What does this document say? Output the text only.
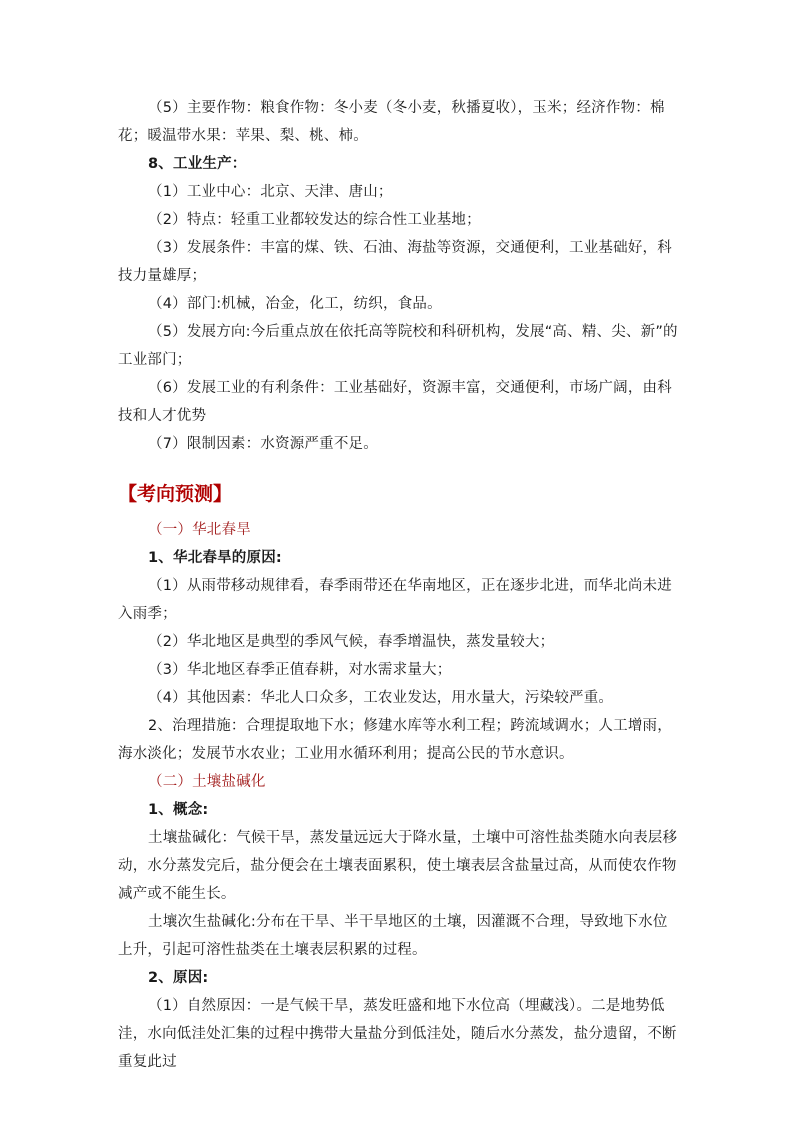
（5）主要作物：粮食作物：冬小麦（冬小麦，秋播夏收），玉米；经济作物：棉花；暖温带水果：苹果、梨、桃、柿。

8、工业生产：

（1）工业中心：北京、天津、唐山；

（2）特点：轻重工业都较发达的综合性工业基地；

（3）发展条件：丰富的煤、铁、石油、海盐等资源，交通便利，工业基础好，科技力量雄厚；

（4）部门:机械，冶金，化工，纺织，食品。

（5）发展方向:今后重点放在依托高等院校和科研机构，发展“高、精、尖、新”的工业部门；

（6）发展工业的有利条件：工业基础好，资源丰富，交通便利，市场广阔，由科技和人才优势

（7）限制因素：水资源严重不足。

【考向预测】

（一）华北春旱

1、华北春旱的原因:

（1）从雨带移动规律看，春季雨带还在华南地区，正在逐步北进，而华北尚未进入雨季；

（2）华北地区是典型的季风气候，春季增温快，蒸发量较大；

（3）华北地区春季正值春耕，对水需求量大；

（4）其他因素：华北人口众多，工农业发达，用水量大，污染较严重。

2、治理措施：合理提取地下水；修建水库等水利工程；跨流域调水；人工增雨，海水淡化；发展节水农业；工业用水循环利用；提高公民的节水意识。

（二）土壤盐碱化

1、概念:

土壤盐碱化：气候干旱，蒸发量远远大于降水量，土壤中可溶性盐类随水向表层移动，水分蒸发完后，盐分便会在土壤表面累积，使土壤表层含盐量过高，从而使农作物减产或不能生长。

土壤次生盐碱化:分布在干旱、半干旱地区的土壤，因灌溉不合理，导致地下水位上升，引起可溶性盐类在土壤表层积累的过程。

2、原因:

（1）自然原因：一是气候干旱，蒸发旺盛和地下水位高（埋藏浅）。二是地势低洼，水向低洼处汇集的过程中携带大量盐分到低洼处，随后水分蒸发，盐分遗留，不断重复此过
